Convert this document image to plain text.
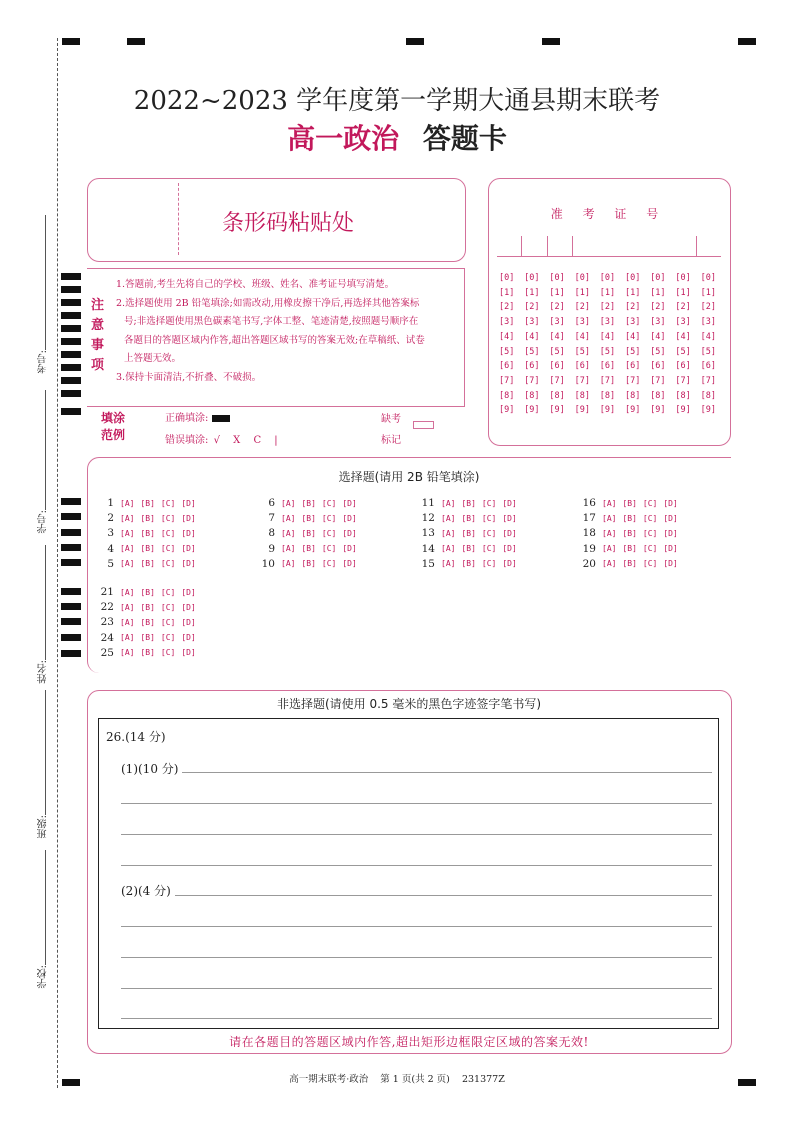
考号:
学号:
姓名:
班级:
学校:
2022~2023 学年度第一学期大通县期末联考
高一政治 答题卡
条形码粘贴处
注
意
事
项
1.答题前,考生先将自己的学校、班级、姓名、准考证号填写清楚。
2.选择题使用 2B 铅笔填涂;如需改动,用橡皮擦干净后,再选择其他答案标
号;非选择题使用黑色碳素笔书写,字体工整、笔迹清楚,按照题号顺序在
各题目的答题区域内作答,超出答题区域书写的答案无效;在草稿纸、试卷
上答题无效。
3.保持卡面清洁,不折叠、不破损。
填涂
范例
正确填涂:
错误填涂: √ X C |
缺考
标记
准 考 证 号
[0] [0] [0] [0] [0] [0] [0] [0] [0]
[1] [1] [1] [1] [1] [1] [1] [1] [1]
[2] [2] [2] [2] [2] [2] [2] [2] [2]
[3] [3] [3] [3] [3] [3] [3] [3] [3]
[4] [4] [4] [4] [4] [4] [4] [4] [4]
[5] [5] [5] [5] [5] [5] [5] [5] [5]
[6] [6] [6] [6] [6] [6] [6] [6] [6]
[7] [7] [7] [7] [7] [7] [7] [7] [7]
[8] [8] [8] [8] [8] [8] [8] [8] [8]
[9] [9] [9] [9] [9] [9] [9] [9] [9]
选择题(请用 2B 铅笔填涂)
1 [A] [B] [C] [D]
2 [A] [B] [C] [D]
3 [A] [B] [C] [D]
4 [A] [B] [C] [D]
5 [A] [B] [C] [D]
6 [A] [B] [C] [D]
7 [A] [B] [C] [D]
8 [A] [B] [C] [D]
9 [A] [B] [C] [D]
10 [A] [B] [C] [D]
11 [A] [B] [C] [D]
12 [A] [B] [C] [D]
13 [A] [B] [C] [D]
14 [A] [B] [C] [D]
15 [A] [B] [C] [D]
16 [A] [B] [C] [D]
17 [A] [B] [C] [D]
18 [A] [B] [C] [D]
19 [A] [B] [C] [D]
20 [A] [B] [C] [D]
21 [A] [B] [C] [D]
22 [A] [B] [C] [D]
23 [A] [B] [C] [D]
24 [A] [B] [C] [D]
25 [A] [B] [C] [D]
非选择题(请使用 0.5 毫米的黑色字迹签字笔书写)
26.(14 分)
(1)(10 分)
(2)(4 分)
请在各题目的答题区域内作答,超出矩形边框限定区域的答案无效!
高一期末联考·政治    第 1 页(共 2 页)    231377Z
